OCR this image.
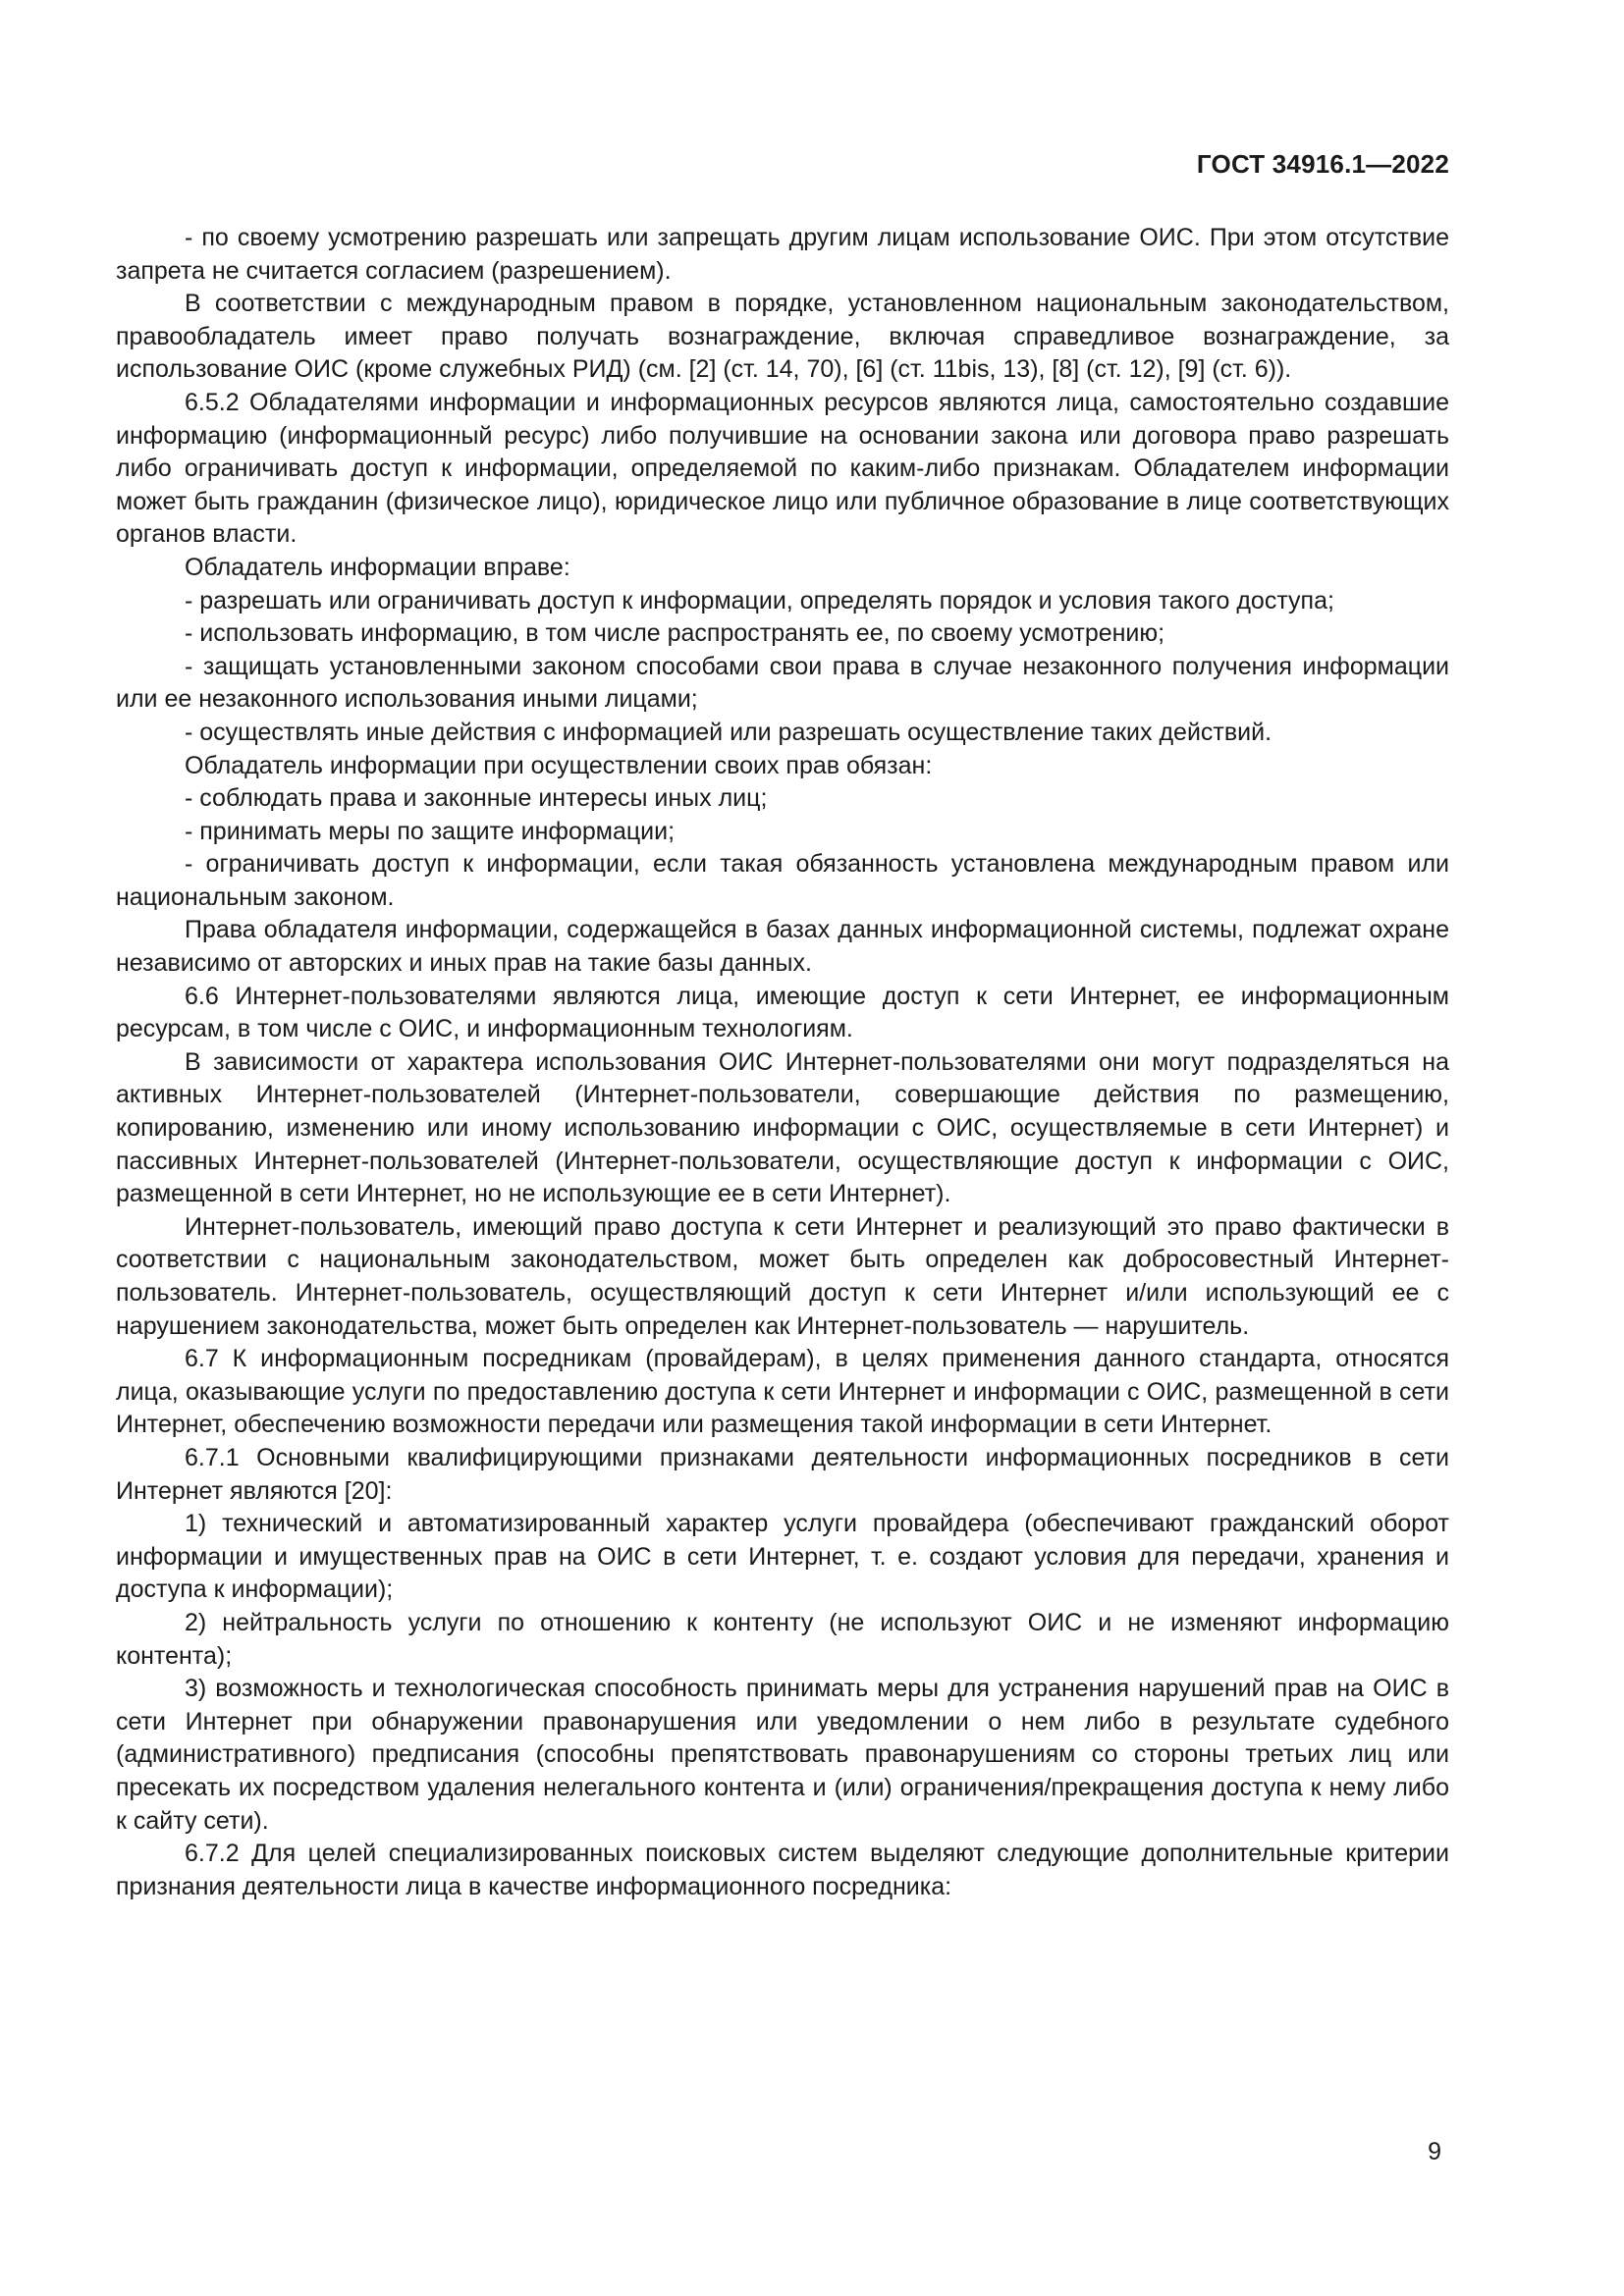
ГОСТ 34916.1—2022

- по своему усмотрению разрешать или запрещать другим лицам использование ОИС. При этом отсутствие запрета не считается согласием (разрешением).

В соответствии с международным правом в порядке, установленном национальным законодательством, правообладатель имеет право получать вознаграждение, включая справедливое вознаграждение, за использование ОИС (кроме служебных РИД) (см. [2] (ст. 14, 70), [6] (ст. 11bis, 13), [8] (ст. 12), [9] (ст. 6)).

6.5.2 Обладателями информации и информационных ресурсов являются лица, самостоятельно создавшие информацию (информационный ресурс) либо получившие на основании закона или договора право разрешать либо ограничивать доступ к информации, определяемой по каким-либо признакам. Обладателем информации может быть гражданин (физическое лицо), юридическое лицо или публичное образование в лице соответствующих органов власти.

Обладатель информации вправе:

- разрешать или ограничивать доступ к информации, определять порядок и условия такого доступа;

- использовать информацию, в том числе распространять ее, по своему усмотрению;

- защищать установленными законом способами свои права в случае незаконного получения информации или ее незаконного использования иными лицами;

- осуществлять иные действия с информацией или разрешать осуществление таких действий.

Обладатель информации при осуществлении своих прав обязан:

- соблюдать права и законные интересы иных лиц;

- принимать меры по защите информации;

- ограничивать доступ к информации, если такая обязанность установлена международным правом или национальным законом.

Права обладателя информации, содержащейся в базах данных информационной системы, подлежат охране независимо от авторских и иных прав на такие базы данных.

6.6 Интернет-пользователями являются лица, имеющие доступ к сети Интернет, ее информационным ресурсам, в том числе с ОИС, и информационным технологиям.

В зависимости от характера использования ОИС Интернет-пользователями они могут подразделяться на активных Интернет-пользователей (Интернет-пользователи, совершающие действия по размещению, копированию, изменению или иному использованию информации с ОИС, осуществляемые в сети Интернет) и пассивных Интернет-пользователей (Интернет-пользователи, осуществляющие доступ к информации с ОИС, размещенной в сети Интернет, но не использующие ее в сети Интернет).

Интернет-пользователь, имеющий право доступа к сети Интернет и реализующий это право фактически в соответствии с национальным законодательством, может быть определен как добросовестный Интернет-пользователь. Интернет-пользователь, осуществляющий доступ к сети Интернет и/или использующий ее с нарушением законодательства, может быть определен как Интернет-пользователь — нарушитель.

6.7 К информационным посредникам (провайдерам), в целях применения данного стандарта, относятся лица, оказывающие услуги по предоставлению доступа к сети Интернет и информации с ОИС, размещенной в сети Интернет, обеспечению возможности передачи или размещения такой информации в сети Интернет.

6.7.1 Основными квалифицирующими признаками деятельности информационных посредников в сети Интернет являются [20]:

1) технический и автоматизированный характер услуги провайдера (обеспечивают гражданский оборот информации и имущественных прав на ОИС в сети Интернет, т. е. создают условия для передачи, хранения и доступа к информации);

2) нейтральность услуги по отношению к контенту (не используют ОИС и не изменяют информацию контента);

3) возможность и технологическая способность принимать меры для устранения нарушений прав на ОИС в сети Интернет при обнаружении правонарушения или уведомлении о нем либо в результате судебного (административного) предписания (способны препятствовать правонарушениям со стороны третьих лиц или пресекать их посредством удаления нелегального контента и (или) ограничения/прекращения доступа к нему либо к сайту сети).

6.7.2 Для целей специализированных поисковых систем выделяют следующие дополнительные критерии признания деятельности лица в качестве информационного посредника:

9
